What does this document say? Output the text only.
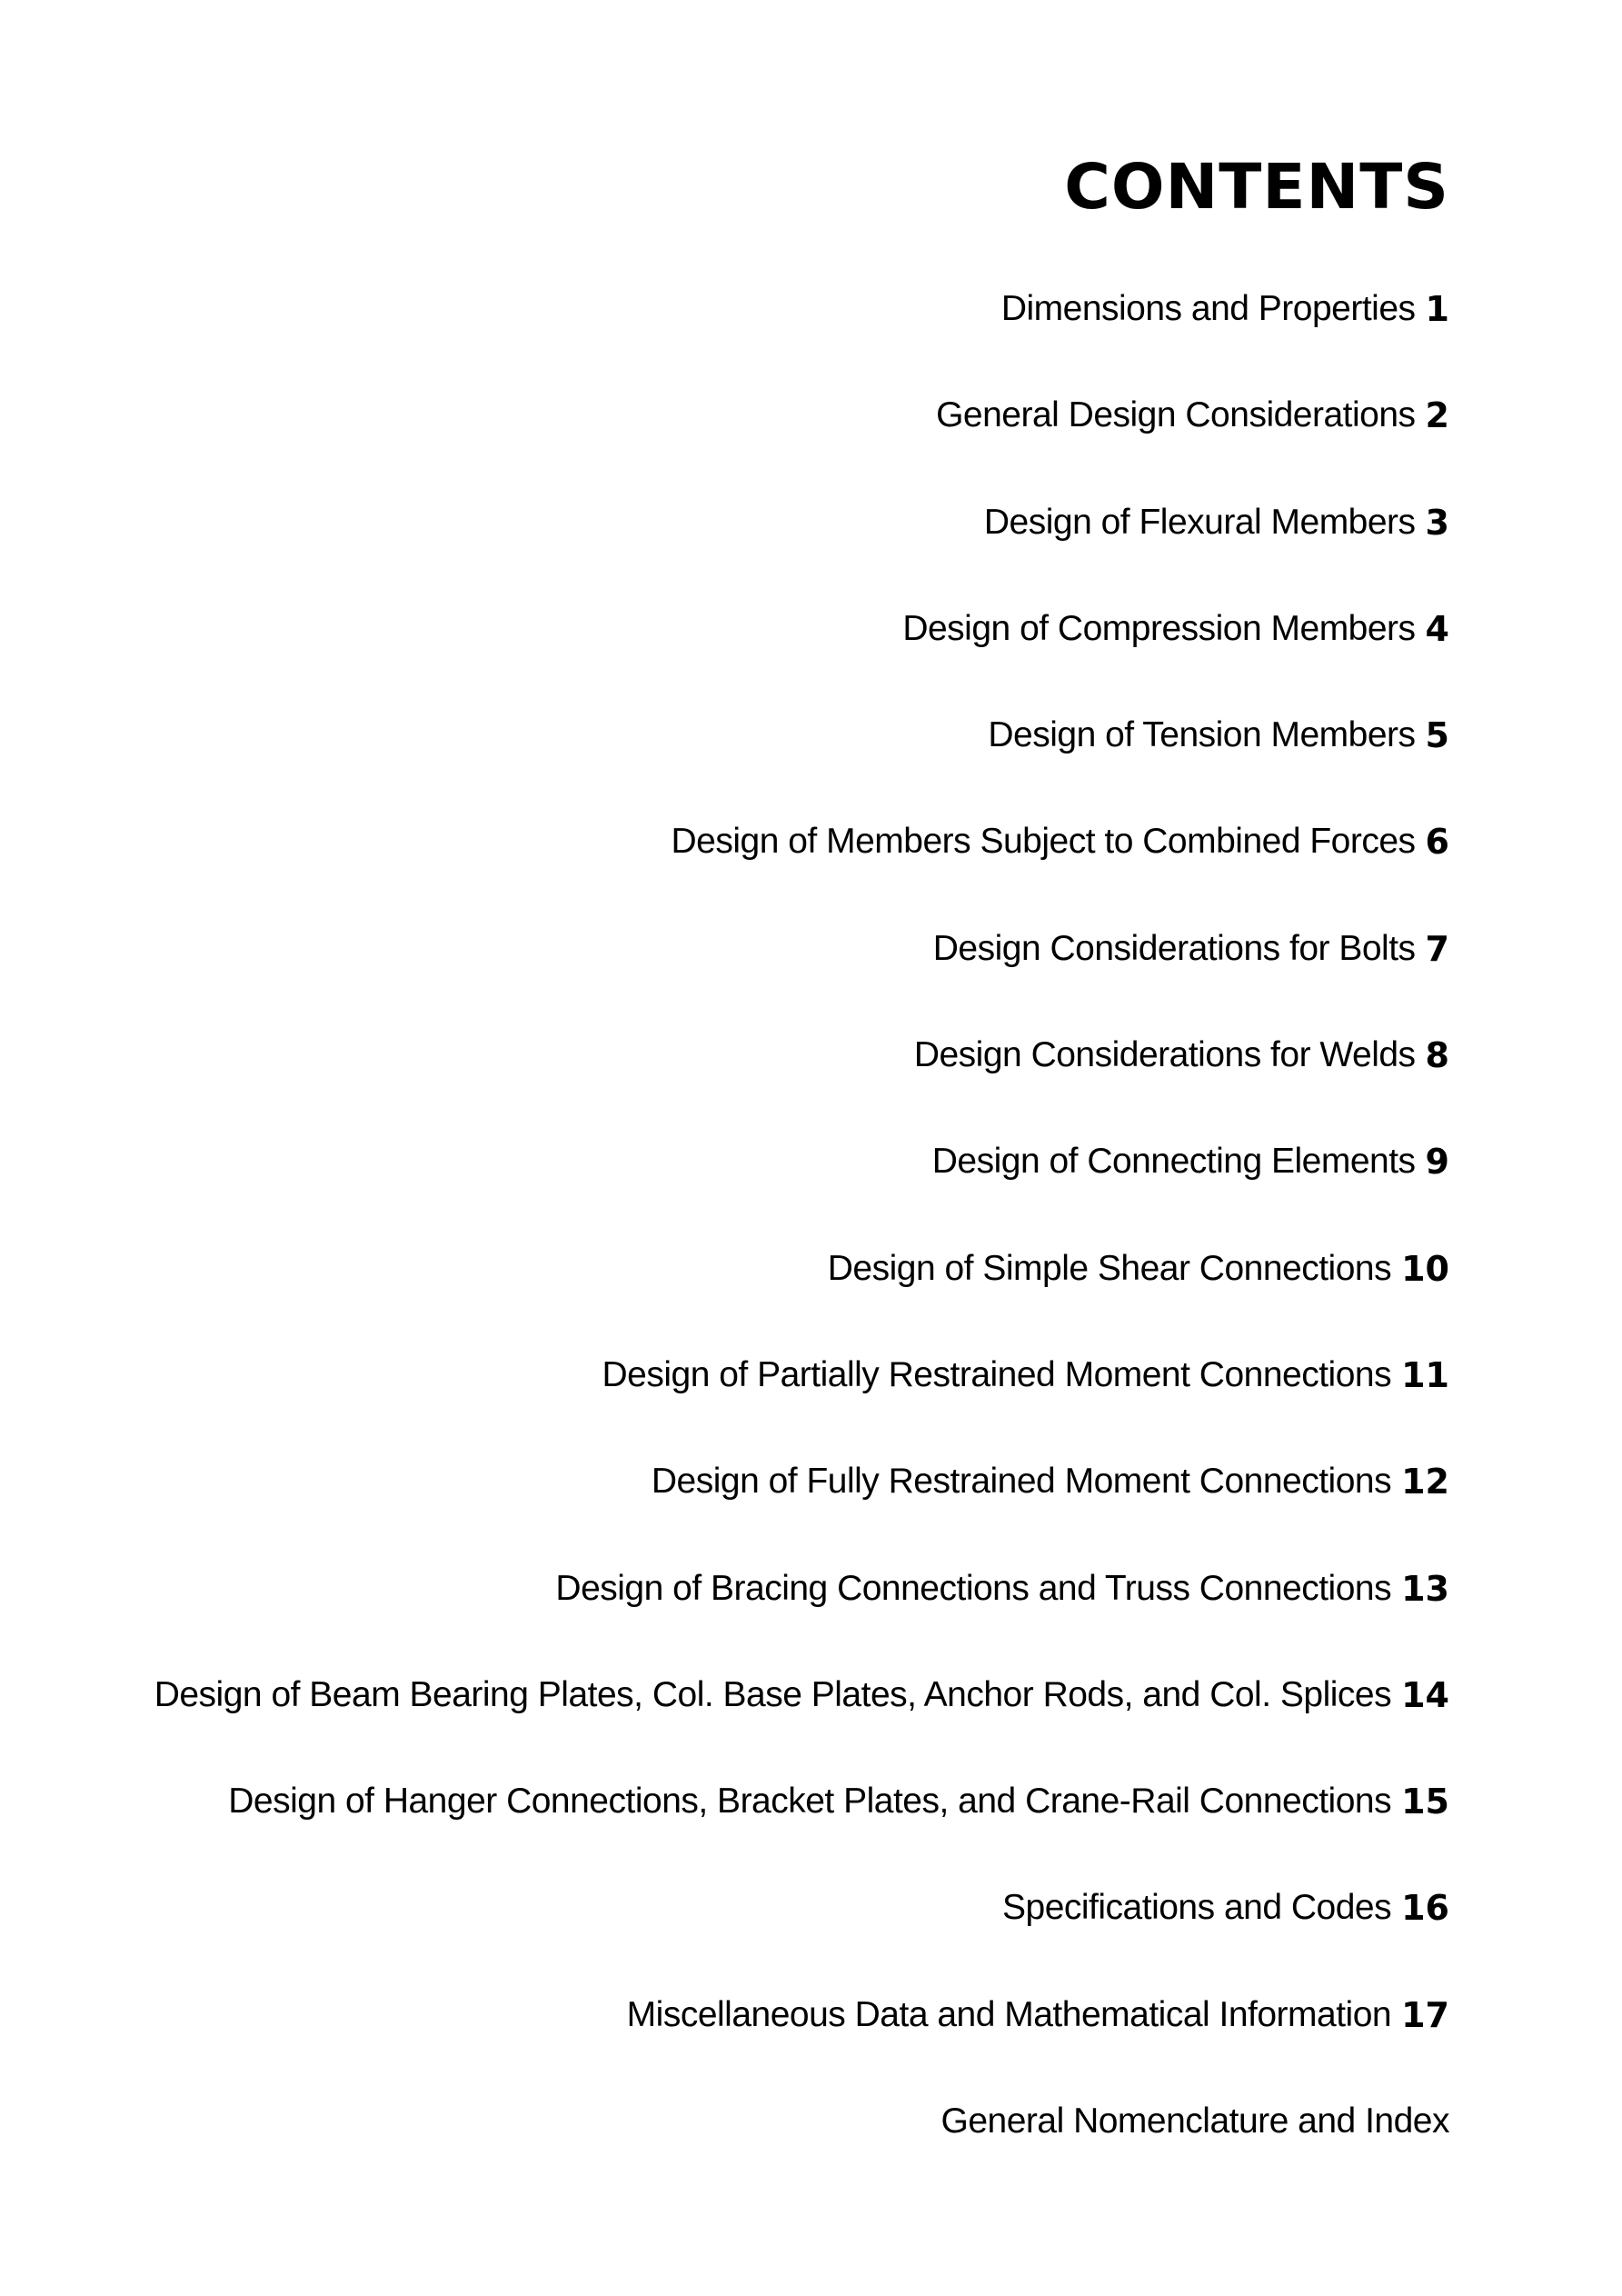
CONTENTS
Dimensions and Properties 1
General Design Considerations 2
Design of Flexural Members 3
Design of Compression Members 4
Design of Tension Members 5
Design of Members Subject to Combined Forces 6
Design Considerations for Bolts 7
Design Considerations for Welds 8
Design of Connecting Elements 9
Design of Simple Shear Connections 10
Design of Partially Restrained Moment Connections 11
Design of Fully Restrained Moment Connections 12
Design of Bracing Connections and Truss Connections 13
Design of Beam Bearing Plates, Col. Base Plates, Anchor Rods, and Col. Splices 14
Design of Hanger Connections, Bracket Plates, and Crane-Rail Connections 15
Specifications and Codes 16
Miscellaneous Data and Mathematical Information 17
General Nomenclature and Index
